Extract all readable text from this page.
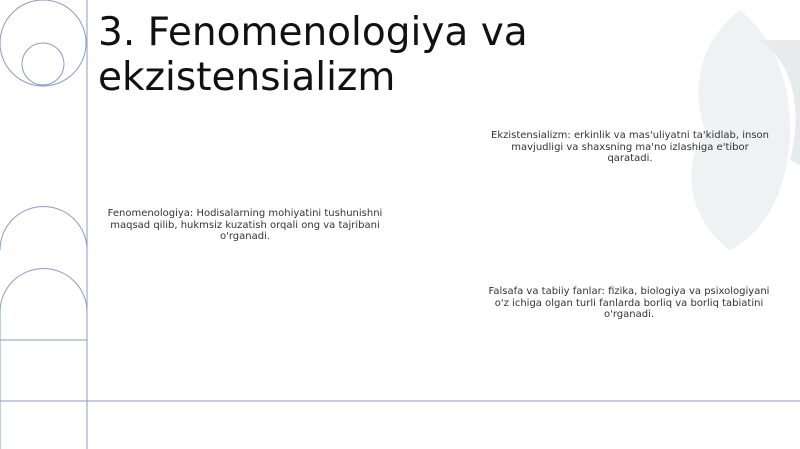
3. Fenomenologiya va ekzistensializm
Ekzistensializm: erkinlik va mas'uliyatni ta'kidlab, inson mavjudligi va shaxsning ma'no izlashiga e'tibor qaratadi.
Fenomenologiya: Hodisalarning mohiyatini tushunishni maqsad qilib, hukmsiz kuzatish orqali ong va tajribani o'rganadi.
Falsafa va tabiiy fanlar: fizika, biologiya va psixologiyani o'z ichiga olgan turli fanlarda borliq va borliq tabiatini o'rganadi.
